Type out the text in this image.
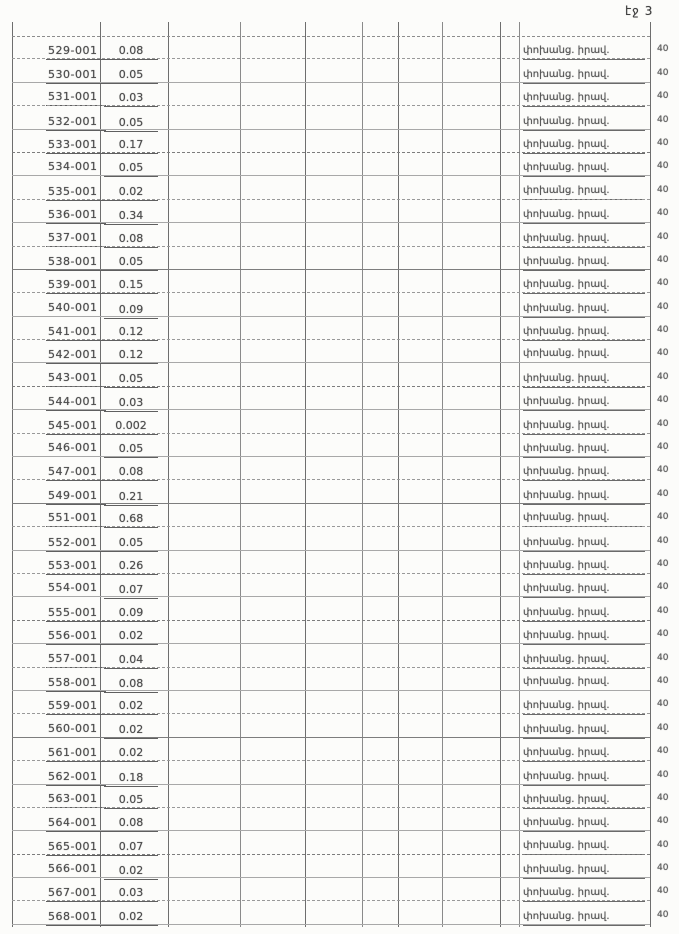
էջ 3
529-001	0.08	փոխանց. իրավ.	40
530-001	0.05	փոխանց. իրավ.	40
531-001	0.03	փոխանց. իրավ.	40
532-001	0.05	փոխանց. իրավ.	40
533-001	0.17	փոխանց. իրավ.	40
534-001	0.05	փոխանց. իրավ.	40
535-001	0.02	փոխանց. իրավ.	40
536-001	0.34	փոխանց. իրավ.	40
537-001	0.08	փոխանց. իրավ.	40
538-001	0.05	փոխանց. իրավ.	40
539-001	0.15	փոխանց. իրավ.	40
540-001	0.09	փոխանց. իրավ.	40
541-001	0.12	փոխանց. իրավ.	40
542-001	0.12	փոխանց. իրավ.	40
543-001	0.05	փոխանց. իրավ.	40
544-001	0.03	փոխանց. իրավ.	40
545-001	0.002	փոխանց. իրավ.	40
546-001	0.05	փոխանց. իրավ.	40
547-001	0.08	փոխանց. իրավ.	40
549-001	0.21	փոխանց. իրավ.	40
551-001	0.68	փոխանց. իրավ.	40
552-001	0.05	փոխանց. իրավ.	40
553-001	0.26	փոխանց. իրավ.	40
554-001	0.07	փոխանց. իրավ.	40
555-001	0.09	փոխանց. իրավ.	40
556-001	0.02	փոխանց. իրավ.	40
557-001	0.04	փոխանց. իրավ.	40
558-001	0.08	փոխանց. իրավ.	40
559-001	0.02	փոխանց. իրավ.	40
560-001	0.02	փոխանց. իրավ.	40
561-001	0.02	փոխանց. իրավ.	40
562-001	0.18	փոխանց. իրավ.	40
563-001	0.05	փոխանց. իրավ.	40
564-001	0.08	փոխանց. իրավ.	40
565-001	0.07	փոխանց. իրավ.	40
566-001	0.02	փոխանց. իրավ.	40
567-001	0.03	փոխանց. իրավ.	40
568-001	0.02	փոխանց. իրավ.	40
